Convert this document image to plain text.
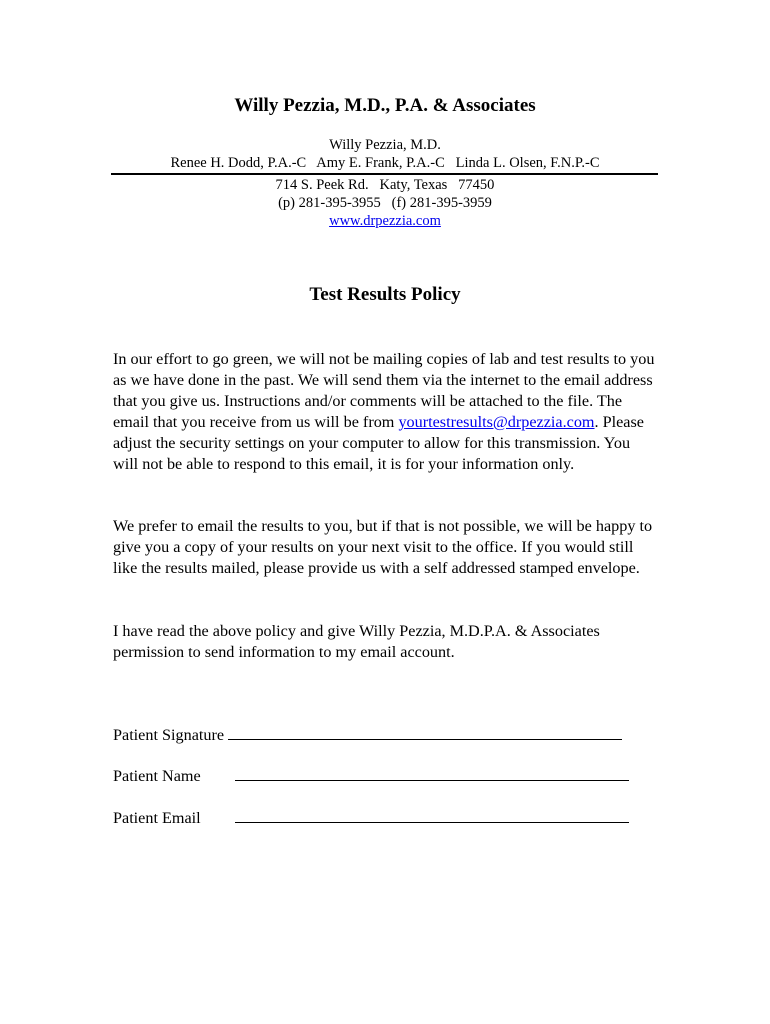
Willy Pezzia, M.D., P.A. & Associates
Willy Pezzia, M.D.
Renee H. Dodd, P.A.-C   Amy E. Frank, P.A.-C   Linda L. Olsen, F.N.P.-C
714 S. Peek Rd.   Katy, Texas   77450
(p) 281-395-3955   (f) 281-395-3959
www.drpezzia.com
Test Results Policy
In our effort to go green, we will not be mailing copies of lab and test results to you as we have done in the past. We will send them via the internet to the email address that you give us. Instructions and/or comments will be attached to the file. The email that you receive from us will be from yourtestresults@drpezzia.com. Please adjust the security settings on your computer to allow for this transmission. You will not be able to respond to this email, it is for your information only.
We prefer to email the results to you, but if that is not possible, we will be happy to give you a copy of your results on your next visit to the office. If you would still like the results mailed, please provide us with a self addressed stamped envelope.
I have read the above policy and give Willy Pezzia, M.D.P.A. & Associates permission to send information to my email account.
Patient Signature
Patient Name
Patient Email
